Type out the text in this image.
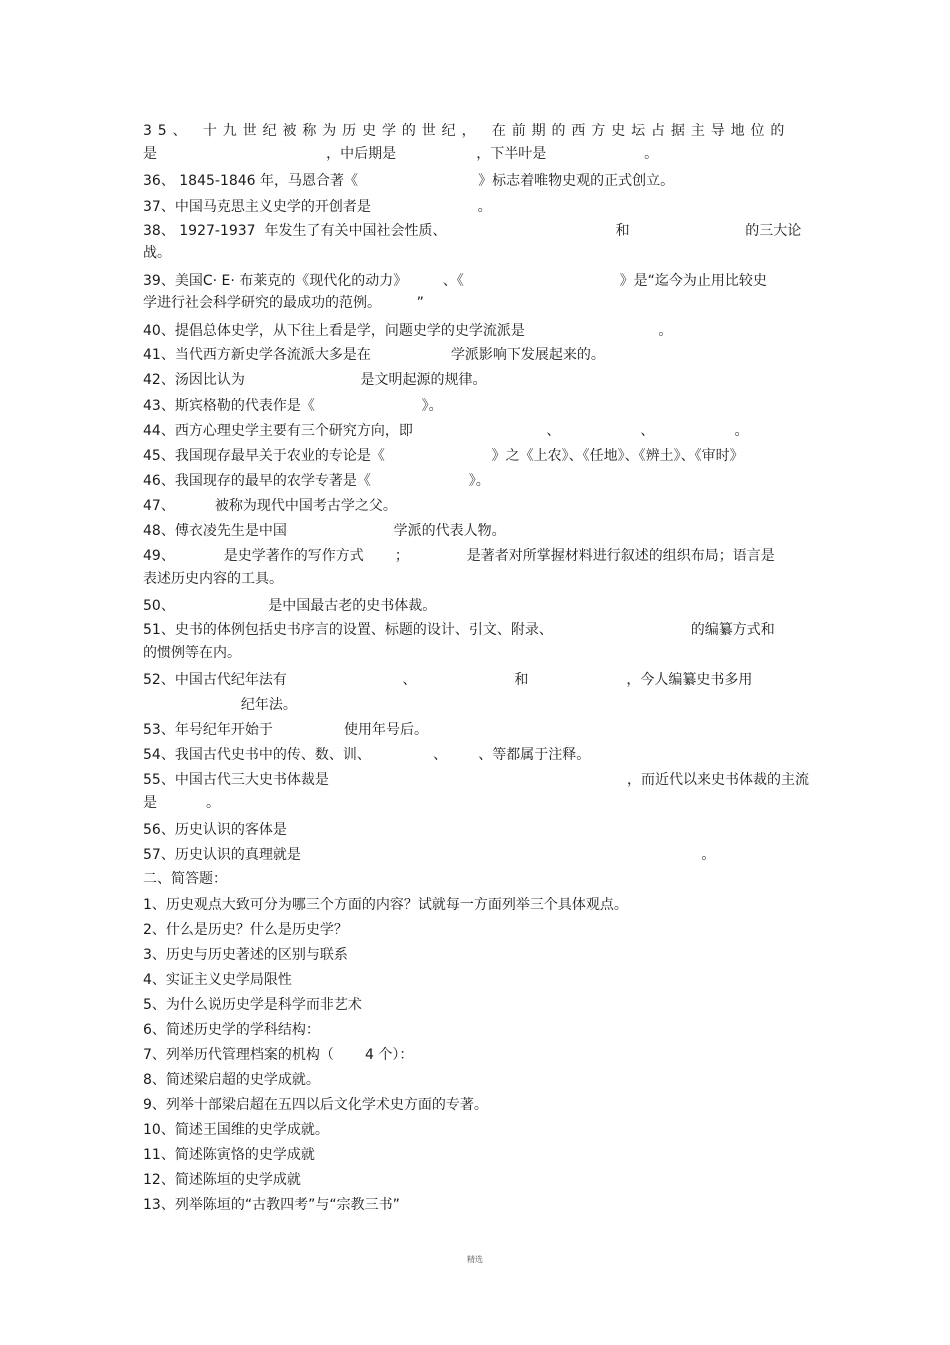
35、 十九世纪被称为历史学的世纪， 在前期的西方史坛占据主导地位的
是                                      ，中后期是                  ，下半叶是                      。
36、 1845-1846 年，马恩合著《                           》标志着唯物史观的正式创立。
37、中国马克思主义史学的开创者是                        。
38、 1927-1937  年发生了有关中国社会性质、                                      和                          的三大论
战。
39、美国C· E· 布莱克的《现代化的动力》        、《                                   》是“迄今为止用比较史
学进行社会科学研究的最成功的范例。        ”
40、提倡总体史学，从下往上看是学，问题史学的史学流派是                              。
41、当代西方新史学各流派大多是在                  学派影响下发展起来的。
42、汤因比认为                          是文明起源的规律。
43、斯宾格勒的代表作是《                        》。
44、西方心理史学主要有三个研究方向，即                              、                  、                  。
45、我国现存最早关于农业的专论是《                        》之《上农》、《任地》、《辨土》、《审时》
46、我国现存的最早的农学专著是《                      》。
47、         被称为现代中国考古学之父。
48、傅衣凌先生是中国                        学派的代表人物。
49、           是史学著作的写作方式       ；             是著者对所掌握材料进行叙述的组织布局；语言是
表述历史内容的工具。
50、                     是中国最古老的史书体裁。
51、史书的体例包括史书序言的设置、标题的设计、引文、附录、                               的编纂方式和
的惯例等在内。
52、中国古代纪年法有                          、                      和                      ，今人编纂史书多用
纪年法。
53、年号纪年开始于                使用年号后。
54、我国古代史书中的传、数、训、              、       、等都属于注释。
55、中国古代三大史书体裁是                                                                   ，而近代以来史书体裁的主流
是           。
56、历史认识的客体是
57、历史认识的真理就是                                                                                          。
二、简答题：
1、历史观点大致可分为哪三个方面的内容？试就每一方面列举三个具体观点。
2、什么是历史？什么是历史学？
3、历史与历史著述的区别与联系
4、实证主义史学局限性
5、为什么说历史学是科学而非艺术
6、简述历史学的学科结构：
7、列举历代管理档案的机构（       4 个）：
8、简述梁启超的史学成就。
9、列举十部梁启超在五四以后文化学术史方面的专著。
10、简述王国维的史学成就。
11、简述陈寅恪的史学成就
12、简述陈垣的史学成就
13、列举陈垣的“古教四考”与“宗教三书”
精选
